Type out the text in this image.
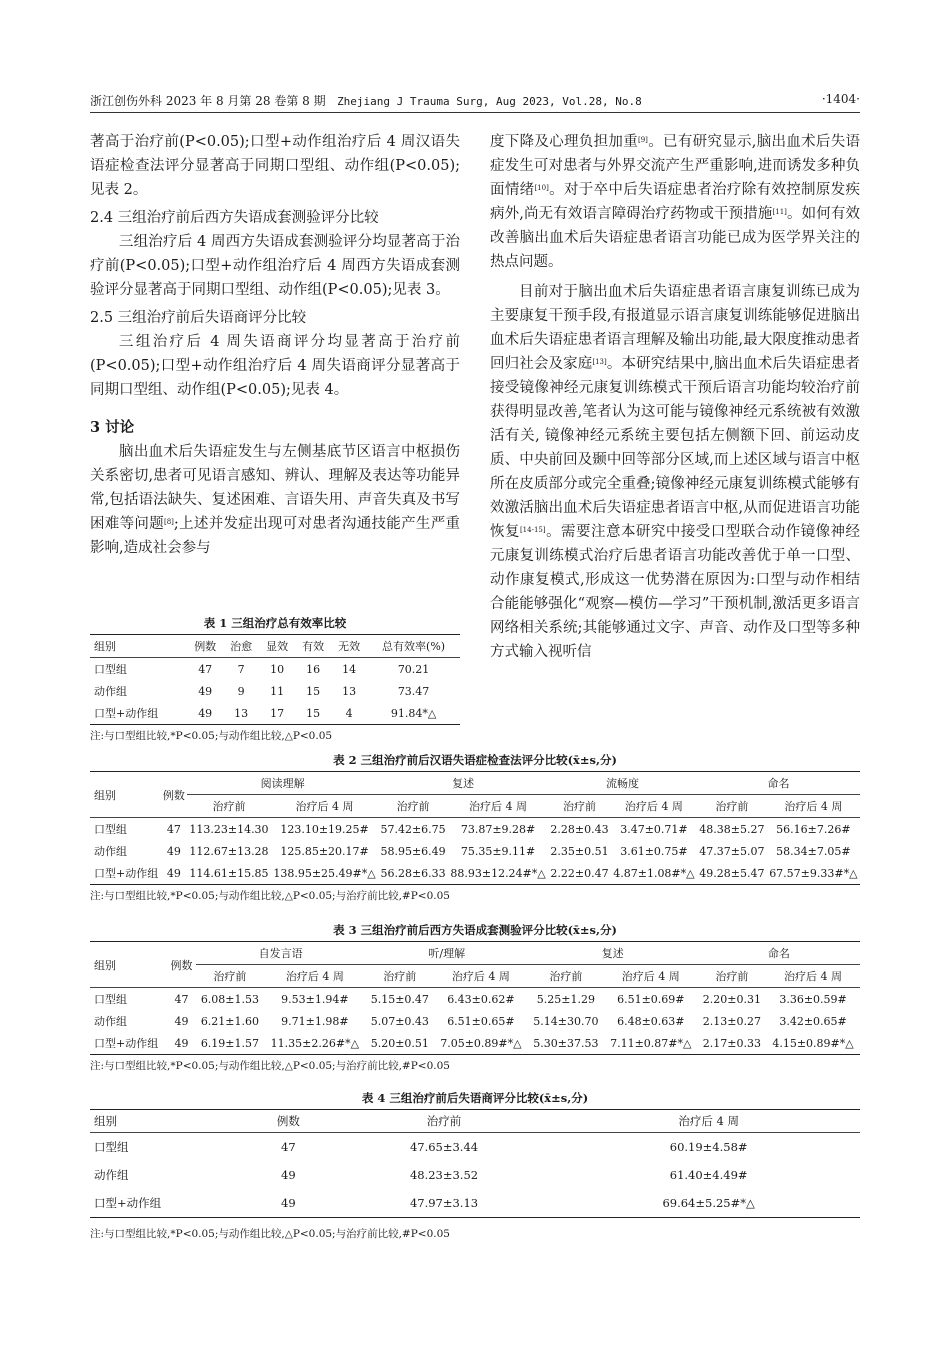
浙江创伤外科 2023 年 8 月第 28 卷第 8 期 Zhejiang J Trauma Surg, Aug 2023, Vol.28, No.8	·1404·

著高于治疗前(P<0.05);口型+动作组治疗后 4 周汉语失语症检查法评分显著高于同期口型组、动作组(P<0.05);见表 2。

2.4 三组治疗前后西方失语成套测验评分比较

三组治疗后 4 周西方失语成套测验评分均显著高于治疗前(P<0.05);口型+动作组治疗后 4 周西方失语成套测验评分显著高于同期口型组、动作组(P<0.05);见表 3。

2.5 三组治疗前后失语商评分比较

三组治疗后 4 周失语商评分均显著高于治疗前(P<0.05);口型+动作组治疗后 4 周失语商评分显著高于同期口型组、动作组(P<0.05);见表 4。

3 讨论

脑出血术后失语症发生与左侧基底节区语言中枢损伤关系密切,患者可见语言感知、辨认、理解及表达等功能异常,包括语法缺失、复述困难、言语失用、声音失真及书写困难等问题[8];上述并发症出现可对患者沟通技能产生严重影响,造成社会参与

度下降及心理负担加重[9]。已有研究显示,脑出血术后失语症发生可对患者与外界交流产生严重影响,进而诱发多种负面情绪[10]。对于卒中后失语症患者治疗除有效控制原发疾病外,尚无有效语言障碍治疗药物或干预措施[11]。如何有效改善脑出血术后失语症患者语言功能已成为医学界关注的热点问题。

目前对于脑出血术后失语症患者语言康复训练已成为主要康复干预手段,有报道显示语言康复训练能够促进脑出血术后失语症患者语言理解及输出功能,最大限度推动患者回归社会及家庭[13]。本研究结果中,脑出血术后失语症患者接受镜像神经元康复训练模式干预后语言功能均较治疗前获得明显改善,笔者认为这可能与镜像神经元系统被有效激活有关, 镜像神经元系统主要包括左侧额下回、前运动皮质、中央前回及颞中回等部分区域,而上述区域与语言中枢所在皮质部分或完全重叠;镜像神经元康复训练模式能够有效激活脑出血术后失语症患者语言中枢,从而促进语言功能恢复[14-15]。需要注意本研究中接受口型联合动作镜像神经元康复训练模式治疗后患者语言功能改善优于单一口型、动作康复模式,形成这一优势潜在原因为:口型与动作相结合能能够强化“观察—模仿—学习”干预机制,激活更多语言网络相关系统;其能够通过文字、声音、动作及口型等多种方式输入视听信

表 1 三组治疗总有效率比较
组别	例数	治愈	显效	有效	无效	总有效率(%)
口型组	47	7	10	16	14	70.21
动作组	49	9	11	15	13	73.47
口型+动作组	49	13	17	15	4	91.84*△
注:与口型组比较,*P<0.05;与动作组比较,△P<0.05
表 2 三组治疗前后汉语失语症检查法评分比较(x̄±s,分)
组别	例数	阅读理解		复述		流畅度		命名	
		治疗前	治疗后 4 周	治疗前	治疗后 4 周	治疗前	治疗后 4 周	治疗前	治疗后 4 周
口型组	47	113.23±14.30	123.10±19.25#	57.42±6.75	73.87±9.28#	2.28±0.43	3.47±0.71#	48.38±5.27	56.16±7.26#
动作组	49	112.67±13.28	125.85±20.17#	58.95±6.49	75.35±9.11#	2.35±0.51	3.61±0.75#	47.37±5.07	58.34±7.05#
口型+动作组	49	114.61±15.85	138.95±25.49#*△	56.28±6.33	88.93±12.24#*△	2.22±0.47	4.87±1.08#*△	49.28±5.47	67.57±9.33#*△
注:与口型组比较,*P<0.05;与动作组比较,△P<0.05;与治疗前比较,#P<0.05
表 3 三组治疗前后西方失语成套测验评分比较(x̄±s,分)
组别	例数	自发言语		听/理解		复述		命名	
		治疗前	治疗后 4 周	治疗前	治疗后 4 周	治疗前	治疗后 4 周	治疗前	治疗后 4 周
口型组	47	6.08±1.53	9.53±1.94#	5.15±0.47	6.43±0.62#	5.25±1.29	6.51±0.69#	2.20±0.31	3.36±0.59#
动作组	49	6.21±1.60	9.71±1.98#	5.07±0.43	6.51±0.65#	5.14±30.70	6.48±0.63#	2.13±0.27	3.42±0.65#
口型+动作组	49	6.19±1.57	11.35±2.26#*△	5.20±0.51	7.05±0.89#*△	5.30±37.53	7.11±0.87#*△	2.17±0.33	4.15±0.89#*△
注:与口型组比较,*P<0.05;与动作组比较,△P<0.05;与治疗前比较,#P<0.05
表 4 三组治疗前后失语商评分比较(x̄±s,分)
组别	例数	治疗前	治疗后 4 周
口型组	47	47.65±3.44	60.19±4.58#
动作组	49	48.23±3.52	61.40±4.49#
口型+动作组	49	47.97±3.13	69.64±5.25#*△
注:与口型组比较,*P<0.05;与动作组比较,△P<0.05;与治疗前比较,#P<0.05
